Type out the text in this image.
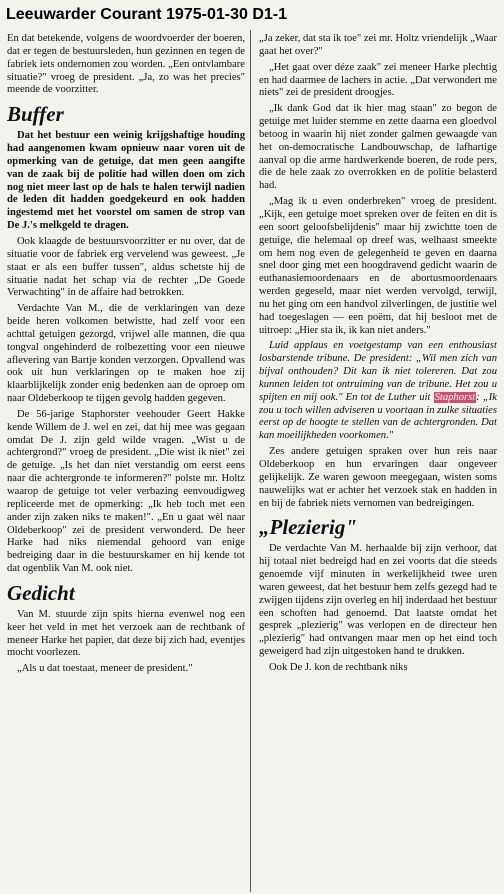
Leeuwarder Courant 1975-01-30 D1-1

En dat betekende, volgens de woordvoerder der boeren, dat er tegen de bestuursleden, hun gezinnen en tegen de fabriek iets ondernomen zou worden. „Een ontvlambare situatie?" vroeg de president. „Ja, zo was het precies" meende de voorzitter.

Buffer

Dat het bestuur een weinig krijgshaftige houding had aangenomen kwam opnieuw naar voren uit de opmerking van de getuige, dat men geen aangifte van de zaak bij de politie had willen doen om zich nog niet meer last op de hals te halen terwijl nadien de leden dit hadden goedgekeurd en ook hadden ingestemd met het voorstel om samen de strop van De J.'s melkgeld te dragen.

Ook klaagde de bestuursvoorzitter er nu over, dat de situatie voor de fabriek erg vervelend was geweest. „Je staat er als een buffer tussen", aldus schetste hij de situatie nadat het schap via de rechter „De Goede Verwachting" in de affaire had betrokken.

Verdachte Van M., die de verklaringen van deze beide heren volkomen betwistte, had zelf voor een achttal getuigen gezorgd, vrijwel alle mannen, die qua tongval ongehinderd de rolbezetting voor een nieuwe aflevering van Bartje konden verzorgen. Opvallend was ook uit hun verklaringen op te maken hoe zij klaarblijkelijk zonder enig bedenken aan de oproep om naar Oldeberkoop te tijgen gevolg hadden gegeven.

De 56-jarige Staphorster veehouder Geert Hakke kende Willem de J. wel en zei, dat hij mee was gegaan omdat De J. zijn geld wilde vragen. „Wist u de achtergrond?" vroeg de president. „Die wist ik niet" zei de getuige. „Is het dan niet verstandig om eerst eens naar die achtergronde te informeren?" polste mr. Holtz waarop de getuige tot veler verbazing eenvoudigweg repliceerde met de opmerking: „Ik heb toch met een ander zijn zaken niks te maken!". „En u gaat wèl naar Oldeberkoop" zei de president verwonderd. De heer Harke had niks niemendal gehoord van enige bedreiging daar in die bestuurskamer en hij kende tot dat ogenblik Van M. ook niet.

Gedicht

Van M. stuurde zijn spits hierna evenwel nog een keer het veld in met het verzoek aan de rechtbank of meneer Harke het papier, dat deze bij zich had, eventjes mocht voorlezen.

„Als u dat toestaat, meneer de president."

„Ja zeker, dat sta ik toe" zei mr. Holtz vriendelijk „Waar gaat het over?"

„Het gaat over déze zaak" zei meneer Harke plechtig en had daarmee de lachers in actie. „Dat verwondert me niets" zei de president droogjes.

„Ik dank God dat ik hier mag staan" zo begon de getuige met luider stemme en zette daarna een gloedvol betoog in waarin hij niet zonder galmen gewaagde van het on-democratische Landbouwschap, de lafhartige aanval op die arme hardwerkende boeren, de rode pers, die de hele zaak zo overrokken en de politie belasterd had.

„Mag ik u even onderbreken" vroeg de president. „Kijk, een getuige moet spreken over de feiten en dit is een soort geloofsbelijdenis" maar hij zwichtte toen de getuige, die helemaal op dreef was, welhaast smeekte om hem nog even de gelegenheid te geven en daarna snel door ging met een hoogdravend gedicht waarin de euthanasiemoordenaars en de abortusmoordenaars werden gegeseld, maar niet werden vervolgd, terwijl, nu het ging om een handvol zilverlingen, de justitie wel had toegeslagen — een poëm, dat hij besloot met de uitroep: „Hier sta ik, ik kan niet anders."

Luid applaus en voetgestamp van een enthousiast losbarstende tribune. De president: „Wil men zich van bijval onthouden? Dit kan ik niet tolereren. Dat zou kunnen leiden tot ontruiming van de tribune. Het zou u spijten en mij ook." En tot de Luther uit Staphorst: „Ik zou u toch willen adviseren u voortaan in zulke situaties eerst op de hoogte te stellen van de achtergronden. Dat kan moeilijkheden voorkomen."

Zes andere getuigen spraken over hun reis naar Oldeberkoop en hun ervaringen daar ongeveer gelijkelijk. Ze waren gewoon meegegaan, wisten soms nauwelijks wat er achter het verzoek stak en hadden in en bij de fabriek niets vernomen van bedreigingen.

„Plezierig"

De verdachte Van M. herhaalde bij zijn verhoor, dat hij totaal niet bedreigd had en zei voorts dat die steeds genoemde vijf minuten in werkelijkheid twee uren waren geweest, dat het bestuur hem zelfs gezegd had te zwijgen tijdens zijn overleg en hij inderdaad het bestuur een schoften had genoemd. Dat laatste omdat het gesprek „plezierig" was verlopen en de directeur hen „plezierig" had ontvangen maar men op het eind toch geweigerd had zijn uitgestoken hand te drukken.

Ook De J. kon de rechtbank niks
